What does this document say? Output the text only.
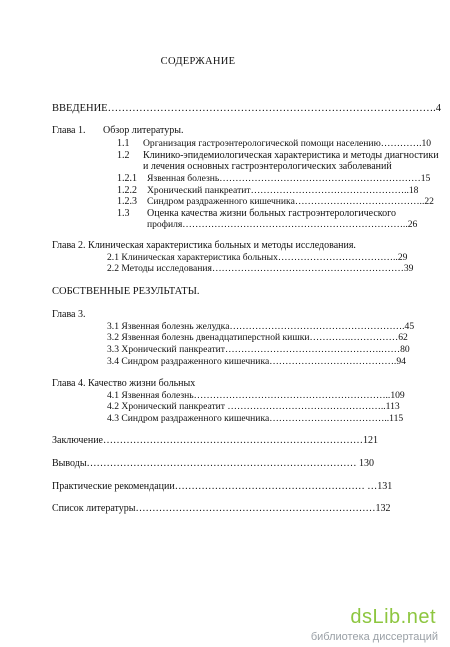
СОДЕРЖАНИЕ
ВВЕДЕНИЕ………………………………………………………………………………….4
Глава 1. Обзор литературы.
1.1 Организация гастроэнтерологической помощи населению………….10
1.2 Клинико-эпидемиологическая характеристика и методы диагностики
и лечения основных гастроэнтерологических заболеваний
1.2.1 Язвенная болезнь………………………………………………………15
1.2.2 Хронический панкреатит…………………………………………..18
1.2.3 Синдром раздраженного кишечника…………………………………..22
1.3 Оценка качества жизни больных гастроэнтерологического
профиля……………………………………………………………..26
Глава 2. Клиническая характеристика больных и методы исследования.
2.1 Клиническая характеристика больных………………………………..29
2.2 Методы исследования……………………………………………………39
СОБСТВЕННЫЕ РЕЗУЛЬТАТЫ.
Глава 3.
3.1 Язвенная болезнь желудка……………………………………………….45
3.2 Язвенная болезнь двенадцатиперстной кишки………….……………62
3.3 Хронический панкреатит………………………………………….……80
3.4 Синдром раздраженного кишечника………………………………….94
Глава 4. Качество жизни больных
4.1 Язвенная болезнь……………………………………………………..109
4.2 Хронический панкреатит …………………………………………..113
4.3 Синдром раздраженного кишечника………………………………..115
Заключение……………………………………………………………………121
Выводы……………………………………………………………………… 130
Практические рекомендации………………………………………………… …131
Список литературы………………………………………………………………132
dsLib.net
библиотека диссертаций
